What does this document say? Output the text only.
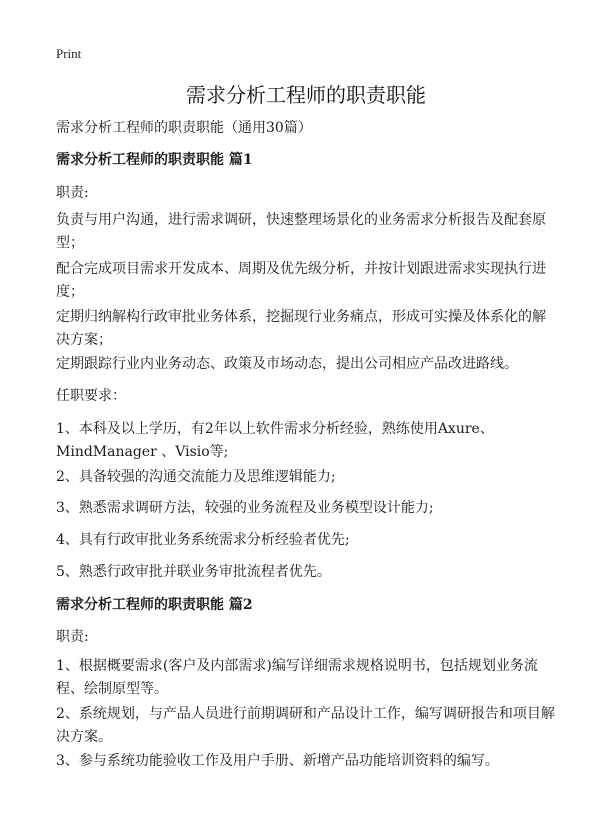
Print
需求分析工程师的职责职能

需求分析工程师的职责职能（通用30篇）

需求分析工程师的职责职能 篇1

职责:

负责与用户沟通，进行需求调研，快速整理场景化的业务需求分析报告及配套原型；

配合完成项目需求开发成本、周期及优先级分析，并按计划跟进需求实现执行进度；

定期归纳解构行政审批业务体系，挖掘现行业务痛点，形成可实操及体系化的解决方案；

定期跟踪行业内业务动态、政策及市场动态，提出公司相应产品改进路线。

任职要求：

1、本科及以上学历，有2年以上软件需求分析经验，熟练使用Axure、MindManager 、Visio等;

2、具备较强的沟通交流能力及思维逻辑能力;

3、熟悉需求调研方法，较强的业务流程及业务模型设计能力;

4、具有行政审批业务系统需求分析经验者优先;

5、熟悉行政审批并联业务审批流程者优先。

需求分析工程师的职责职能 篇2

职责:

1、根据概要需求(客户及内部需求)编写详细需求规格说明书，包括规划业务流程、绘制原型等。

2、系统规划，与产品人员进行前期调研和产品设计工作，编写调研报告和项目解决方案。

3、参与系统功能验收工作及用户手册、新增产品功能培训资料的编写。
